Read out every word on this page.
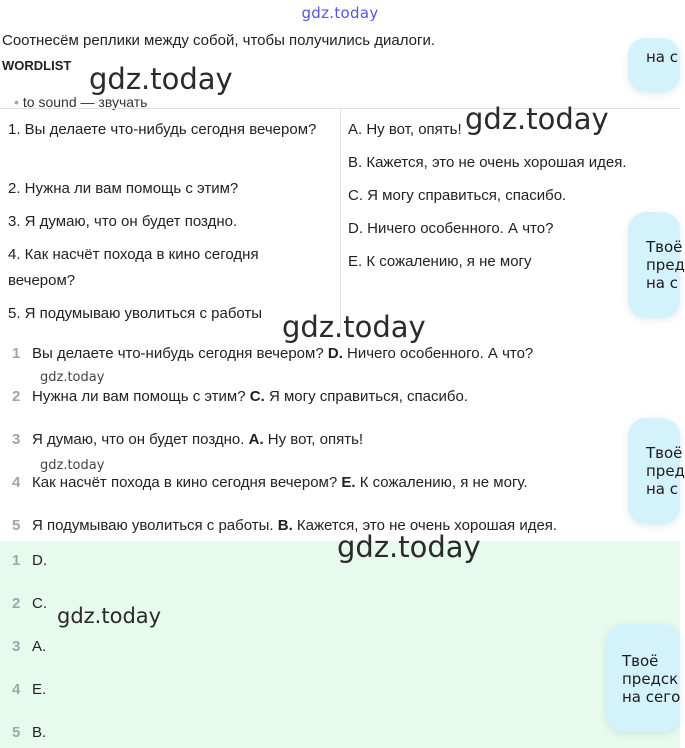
gdz.today
Соотнесём реплики между собой, чтобы получились диалоги.
WORDLIST
• to sound — звучать
1. Вы делаете что-нибудь сегодня вечером?
2. Нужна ли вам помощь с этим?
3. Я думаю, что он будет поздно.
4. Как насчёт похода в кино сегодня вечером?
5. Я подумываю уволиться с работы
A. Ну вот, опять!
B. Кажется, это не очень хорошая идея.
C. Я могу справиться, спасибо.
D. Ничего особенного. А что?
E. К сожалению, я не могу
1 Вы делаете что-нибудь сегодня вечером? D. Ничего особенного. А что?
2 Нужна ли вам помощь с этим? C. Я могу справиться, спасибо.
3 Я думаю, что он будет поздно. A. Ну вот, опять!
4 Как насчёт похода в кино сегодня вечером? E. К сожалению, я не могу.
5 Я подумываю уволиться с работы. B. Кажется, это не очень хорошая идея.
1 D.
2 C.
3 A.
4 E.
5 B.
на с
Твоё
пред
на с
Твоё
пред
на с
Твоё
предск
на сего
gdz.today
gdz.today
gdz.today
gdz.today
gdz.today
gdz.today
gdz.today
